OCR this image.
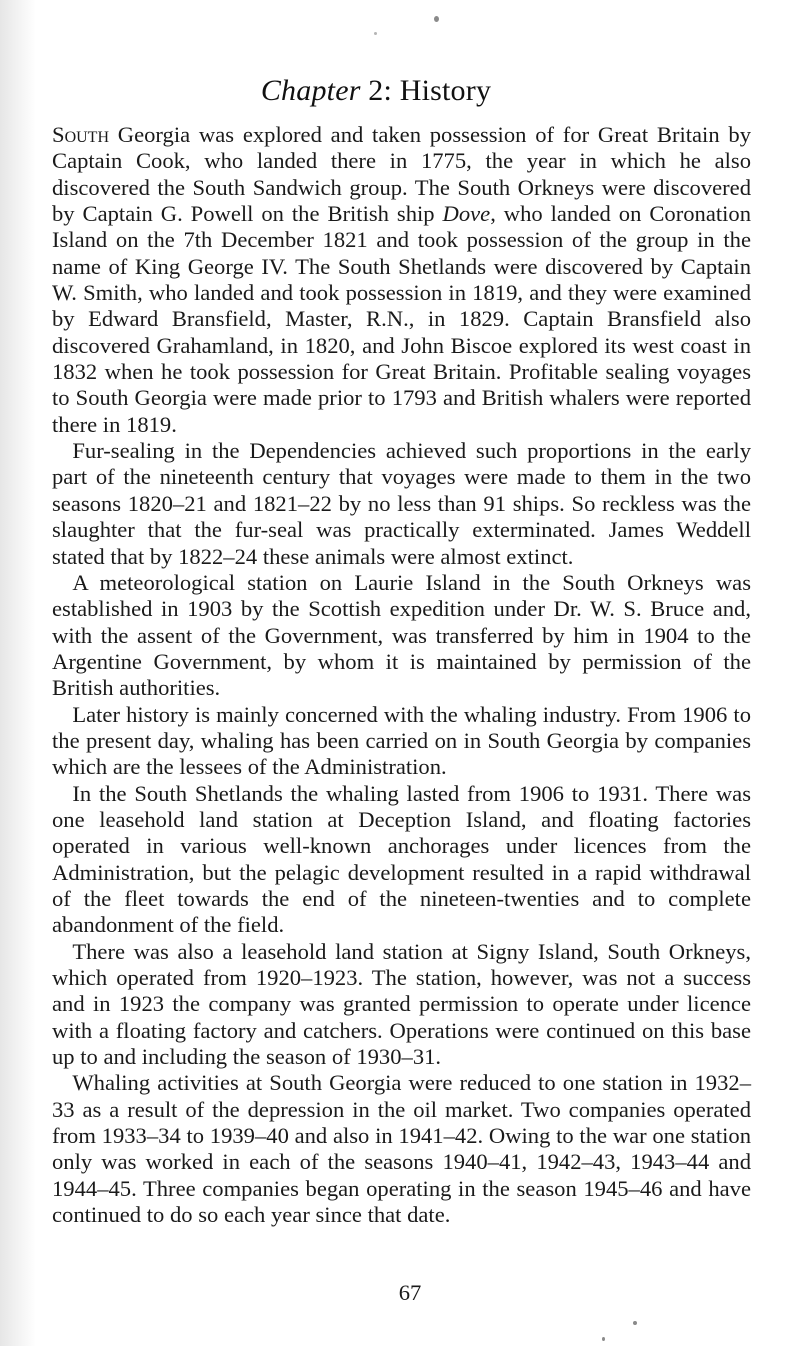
Chapter 2: History

South Georgia was explored and taken possession of for Great Britain by Captain Cook, who landed there in 1775, the year in which he also discovered the South Sandwich group. The South Orkneys were discovered by Captain G. Powell on the British ship Dove, who landed on Coronation Island on the 7th December 1821 and took possession of the group in the name of King George IV. The South Shetlands were discovered by Captain W. Smith, who landed and took possession in 1819, and they were examined by Edward Bransfield, Master, R.N., in 1829. Captain Bransfield also discovered Grahamland, in 1820, and John Biscoe explored its west coast in 1832 when he took possession for Great Britain. Profitable sealing voyages to South Georgia were made prior to 1793 and British whalers were reported there in 1819.

Fur-sealing in the Dependencies achieved such proportions in the early part of the nineteenth century that voyages were made to them in the two seasons 1820–21 and 1821–22 by no less than 91 ships. So reckless was the slaughter that the fur-seal was practically exterminated. James Weddell stated that by 1822–24 these animals were almost extinct.

A meteorological station on Laurie Island in the South Orkneys was established in 1903 by the Scottish expedition under Dr. W. S. Bruce and, with the assent of the Government, was transferred by him in 1904 to the Argentine Government, by whom it is maintained by permission of the British authorities.

Later history is mainly concerned with the whaling industry. From 1906 to the present day, whaling has been carried on in South Georgia by companies which are the lessees of the Administration.

In the South Shetlands the whaling lasted from 1906 to 1931. There was one leasehold land station at Deception Island, and floating factories operated in various well-known anchorages under licences from the Administration, but the pelagic development resulted in a rapid withdrawal of the fleet towards the end of the nineteen-twenties and to complete abandonment of the field.

There was also a leasehold land station at Signy Island, South Orkneys, which operated from 1920–1923. The station, however, was not a success and in 1923 the company was granted permission to operate under licence with a floating factory and catchers. Operations were continued on this base up to and including the season of 1930–31.

Whaling activities at South Georgia were reduced to one station in 1932–33 as a result of the depression in the oil market. Two companies operated from 1933–34 to 1939–40 and also in 1941–42. Owing to the war one station only was worked in each of the seasons 1940–41, 1942–43, 1943–44 and 1944–45. Three companies began operating in the season 1945–46 and have continued to do so each year since that date.

67
